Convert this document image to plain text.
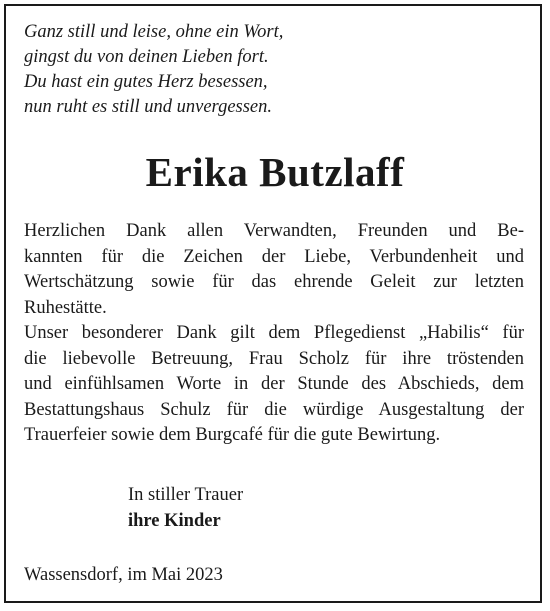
Ganz still und leise, ohne ein Wort,
gingst du von deinen Lieben fort.
Du hast ein gutes Herz besessen,
nun ruht es still und unvergessen.
Erika Butzlaff
Herzlichen Dank allen Verwandten, Freunden und Be-
kannten für die Zeichen der Liebe, Verbundenheit und
Wertschätzung sowie für das ehrende Geleit zur letzten
Ruhestätte.
Unser besonderer Dank gilt dem Pflegedienst „Habilis“ für
die liebevolle Betreuung, Frau Scholz für ihre tröstenden
und einfühlsamen Worte in der Stunde des Abschieds, dem
Bestattungshaus Schulz für die würdige Ausgestaltung der
Trauerfeier sowie dem Burgcafé für die gute Bewirtung.
In stiller Trauer
ihre Kinder
Wassensdorf, im Mai 2023
